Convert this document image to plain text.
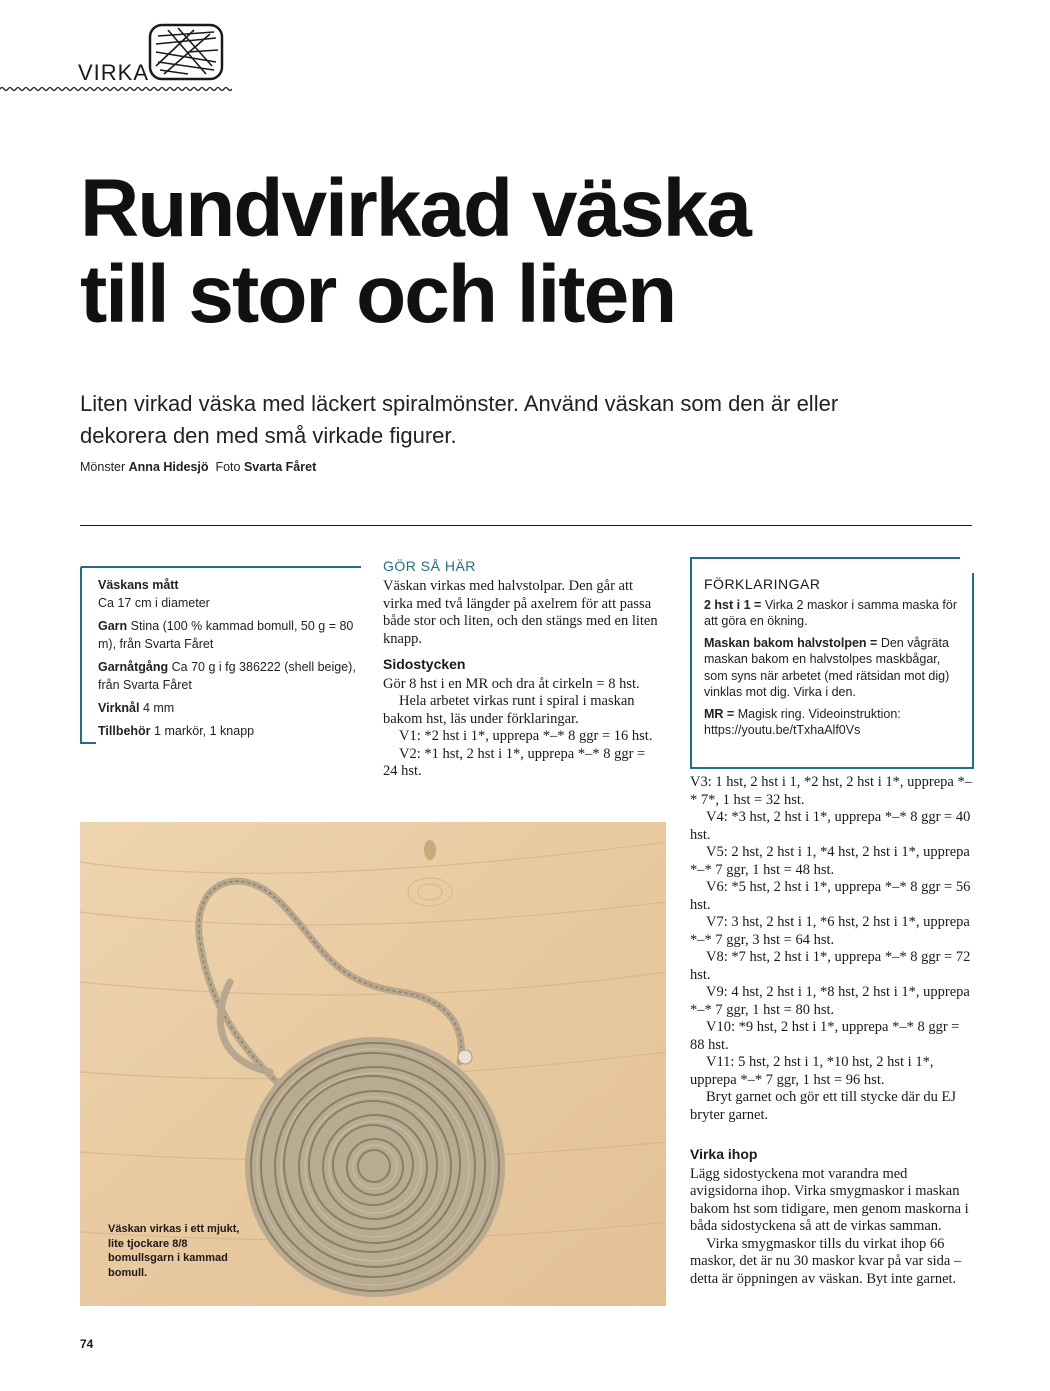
VIRKA
Rundvirkad väska
till stor och liten
Liten virkad väska med läckert spiralmönster. Använd väskan som den är eller dekorera den med små virkade figurer.
Mönster Anna Hidesjö Foto Svarta Fåret

Väskans mått
Ca 17 cm i diameter

Garn Stina (100 % kammad bomull, 50 g = 80 m), från Svarta Fåret

Garnåtgång Ca 70 g i fg 386222 (shell beige), från Svarta Fåret

Virknål 4 mm

Tillbehör 1 markör, 1 knapp

GÖR SÅ HÄR

Väskan virkas med halvstolpar. Den går att virka med två längder på axelrem för att passa både stor och liten, och den stängs med en liten knapp.

Sidostycken

Gör 8 hst i en MR och dra åt cirkeln = 8 hst.

Hela arbetet virkas runt i spiral i maskan bakom hst, läs under förklaringar.

V1: *2 hst i 1*, upprepa *–* 8 ggr = 16 hst.

V2: *1 hst, 2 hst i 1*, upprepa *–* 8 ggr = 24 hst.

FÖRKLARINGAR

2 hst i 1 = Virka 2 maskor i samma maska för att göra en ökning.

Maskan bakom halvstolpen = Den vågräta maskan bakom en halvstolpes maskbågar, som syns när arbetet (med rätsidan mot dig) vinklas mot dig. Virka i den.

MR = Magisk ring. Videoinstruktion: https://youtu.be/tTxhaAlf0Vs

V3: 1 hst, 2 hst i 1, *2 hst, 2 hst i 1*, upprepa *–* 7*, 1 hst = 32 hst.

V4: *3 hst, 2 hst i 1*, upprepa *–* 8 ggr = 40 hst.

V5: 2 hst, 2 hst i 1, *4 hst, 2 hst i 1*, upprepa *–* 7 ggr, 1 hst = 48 hst.

V6: *5 hst, 2 hst i 1*, upprepa *–* 8 ggr = 56 hst.

V7: 3 hst, 2 hst i 1, *6 hst, 2 hst i 1*, upprepa *–* 7 ggr, 3 hst = 64 hst.

V8: *7 hst, 2 hst i 1*, upprepa *–* 8 ggr = 72 hst.

V9: 4 hst, 2 hst i 1, *8 hst, 2 hst i 1*, upprepa *–* 7 ggr, 1 hst = 80 hst.

V10: *9 hst, 2 hst i 1*, upprepa *–* 8 ggr = 88 hst.

V11: 5 hst, 2 hst i 1, *10 hst, 2 hst i 1*, upprepa *–* 7 ggr, 1 hst = 96 hst.

Bryt garnet och gör ett till stycke där du EJ bryter garnet.

Virka ihop

Lägg sidostyckena mot varandra med avigsidorna ihop. Virka smygmaskor i maskan bakom hst som tidigare, men genom maskorna i båda sidostyckena så att de virkas samman.

Virka smygmaskor tills du virkat ihop 66 maskor, det är nu 30 maskor kvar på var sida – detta är öppningen av väskan. Byt inte garnet.

Väskan virkas i ett mjukt, lite tjockare 8/8 bomullsgarn i kammad bomull.
74
